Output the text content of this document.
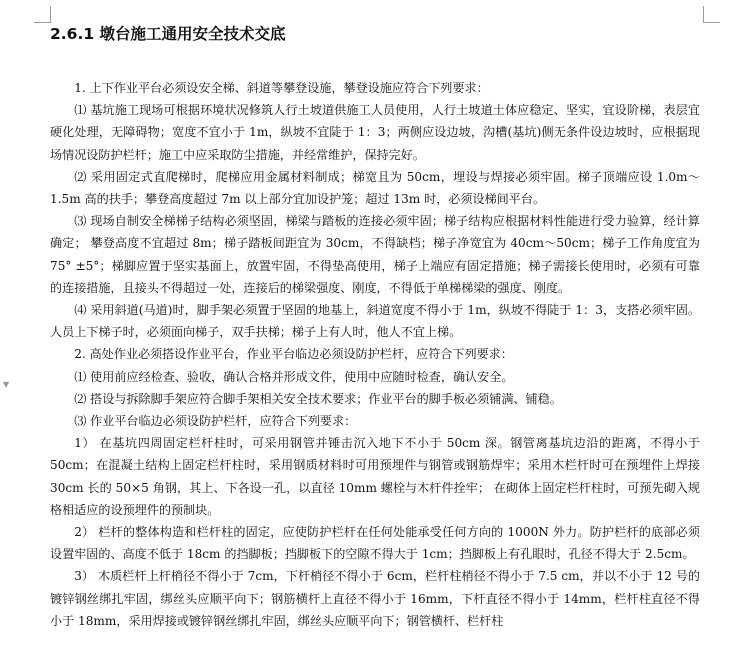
▼
2.6.1 墩台施工通用安全技术交底

1. 上下作业平台必须设安全梯、斜道等攀登设施，攀登设施应符合下列要求：

⑴ 基坑施工现场可根据环境状况修筑人行土坡道供施工人员使用，人行土坡道土体应稳定、坚实，宜设阶梯，表层宜硬化处理，无障碍物；宽度不宜小于 1m，纵坡不宜陡于 1：3；两侧应设边坡，沟槽(基坑)侧无条件设边坡时，应根据现场情况设防护栏杆；施工中应采取防尘措施，并经常维护，保持完好。

⑵ 采用固定式直爬梯时，爬梯应用金属材料制成；梯宽且为 50cm，埋设与焊接必须牢固。梯子顶端应设 1.0m～1.5m 高的扶手；攀登高度超过 7m 以上部分宜加设护笼；超过 13m 时，必须设梯间平台。

⑶ 现场自制安全梯梯子结构必须坚固，梯梁与踏板的连接必须牢固；梯子结构应根据材料性能进行受力验算，经计算确定； 攀登高度不宜超过 8m；梯子踏板间距宜为 30cm，不得缺档；梯子净宽宜为 40cm～50cm；梯子工作角度宜为 75° ±5°；梯脚应置于坚实基面上，放置牢固，不得垫高使用，梯子上端应有固定措施；梯子需接长使用时，必须有可靠的连接措施，且接头不得超过一处，连接后的梯梁强度、刚度，不得低于单梯梯梁的强度、刚度。

⑷ 采用斜道(马道)时，脚手架必须置于坚固的地基上，斜道宽度不得小于 1m，纵坡不得陡于 1：3，支搭必须牢固。人员上下梯子时，必须面向梯子，双手扶梯；梯子上有人时，他人不宜上梯。

2. 高处作业必须搭设作业平台，作业平台临边必须设防护栏杆，应符合下列要求：

⑴ 使用前应经检查、验收，确认合格并形成文件，使用中应随时检查，确认安全。

⑵ 搭设与拆除脚手架应符合脚手架相关安全技术要求；作业平台的脚手板必须铺满、铺稳。

⑶ 作业平台临边必须设防护栏杆，应符合下列要求：

1） 在基坑四周固定栏杆柱时，可采用钢管并锤击沉入地下不小于 50cm 深。钢管离基坑边沿的距离，不得小于 50cm；在混凝土结构上固定栏杆柱时，采用钢质材料时可用预埋件与钢管或钢筋焊牢；采用木栏杆时可在预埋件上焊接 30cm 长的 50×5 角钢，其上、下各设一孔，以直径 10mm 螺栓与木杆件拴牢； 在砌体上固定栏杆柱时，可预先砌入规格相适应的设预埋件的预制块。

2） 栏杆的整体构造和栏杆柱的固定，应使防护栏杆在任何处能承受任何方向的 1000N 外力。防护栏杆的底部必须设置牢固的、高度不低于 18cm 的挡脚板；挡脚板下的空隙不得大于 1cm；挡脚板上有孔眼时，孔径不得大于 2.5cm。

3） 木质栏杆上杆梢径不得小于 7cm，下杆梢径不得小于 6cm，栏杆柱梢径不得小于 7.5 cm，并以不小于 12 号的镀锌钢丝绑扎牢固，绑丝头应顺平向下；钢筋横杆上直径不得小于 16mm，下杆直径不得小于 14mm，栏杆柱直径不得小于 18mm，采用焊接或镀锌钢丝绑扎牢固，绑丝头应顺平向下；钢管横杆、栏杆柱
